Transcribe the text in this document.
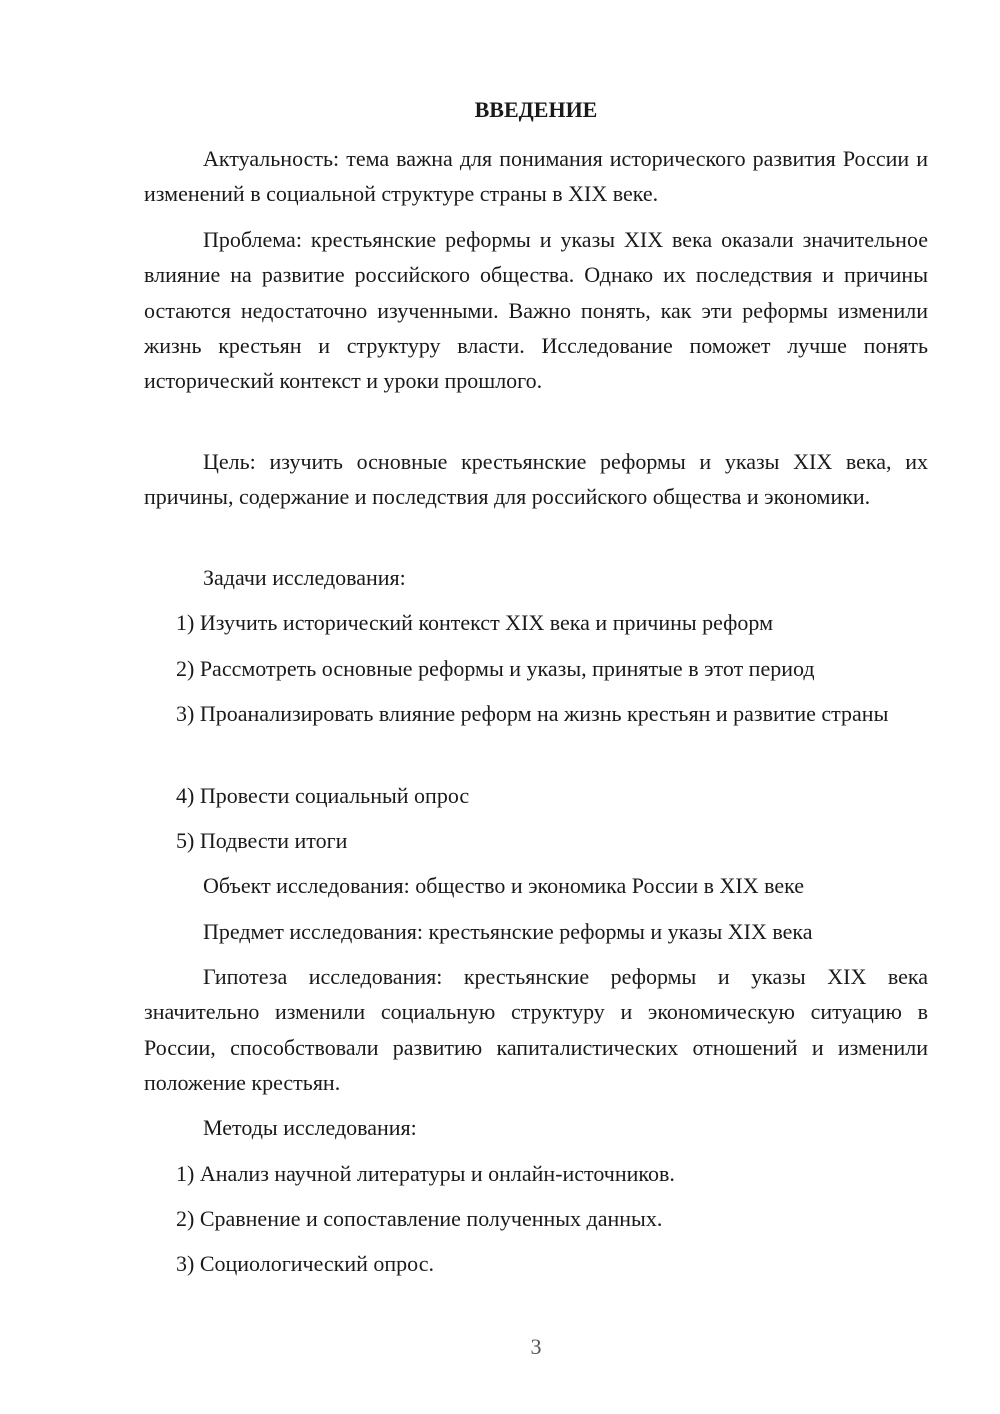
ВВЕДЕНИЕ

Актуальность: тема важна для понимания исторического развития России и изменений в социальной структуре страны в XIX веке.

Проблема: крестьянские реформы и указы XIX века оказали значительное влияние на развитие российского общества. Однако их последствия и причины остаются недостаточно изученными. Важно понять, как эти реформы изменили жизнь крестьян и структуру власти. Исследование поможет лучше понять исторический контекст и уроки прошлого.

Цель: изучить основные крестьянские реформы и указы XIX века, их причины, содержание и последствия для российского общества и экономики.

Задачи исследования:

1) Изучить исторический контекст XIX века и причины реформ

2) Рассмотреть основные реформы и указы, принятые в этот период

3) Проанализировать влияние реформ на жизнь крестьян и развитие страны

4) Провести социальный опрос

5) Подвести итоги

Объект исследования: общество и экономика России в XIX веке

Предмет исследования: крестьянские реформы и указы XIX века

Гипотеза исследования: крестьянские реформы и указы XIX века значительно изменили социальную структуру и экономическую ситуацию в России, способствовали развитию капиталистических отношений и изменили положение крестьян.

Методы исследования:

1) Анализ научной литературы и онлайн-источников.

2) Сравнение и сопоставление полученных данных.

3) Социологический опрос.

3
